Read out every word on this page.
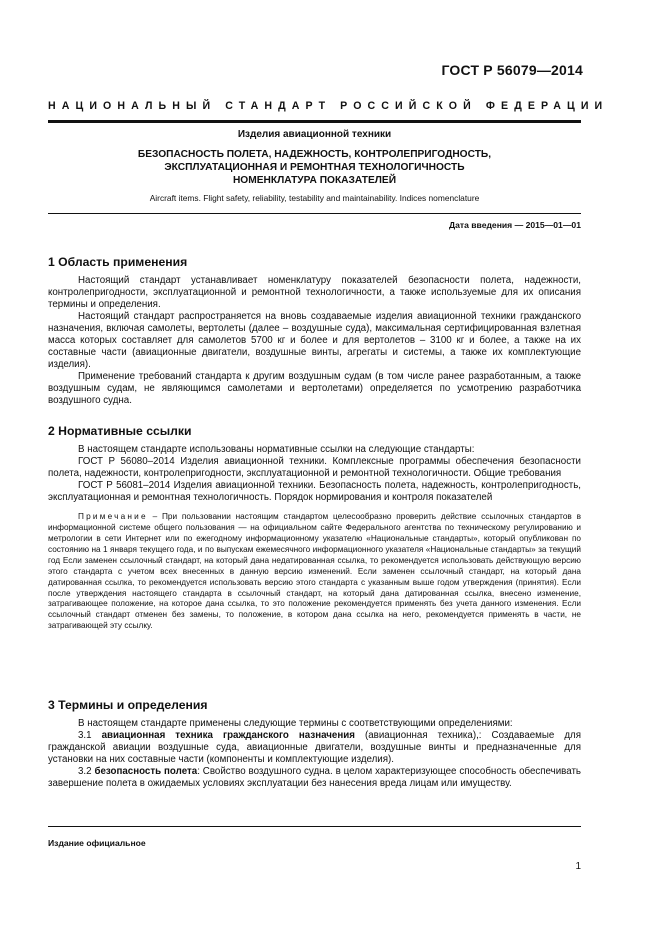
ГОСТ Р 56079—2014
НАЦИОНАЛЬНЫЙ СТАНДАРТ РОССИЙСКОЙ ФЕДЕРАЦИИ
Изделия авиационной техники
БЕЗОПАСНОСТЬ ПОЛЕТА, НАДЕЖНОСТЬ, КОНТРОЛЕПРИГОДНОСТЬ,
ЭКСПЛУАТАЦИОННАЯ И РЕМОНТНАЯ ТЕХНОЛОГИЧНОСТЬ
НОМЕНКЛАТУРА ПОКАЗАТЕЛЕЙ
Aircraft items. Flight safety, reliability, testability and maintainability. Indices nomenclature
Дата введения — 2015—01—01
1 Область применения

Настоящий стандарт устанавливает номенклатуру показателей безопасности полета, надежности, контролепригодности, эксплуатационной и ремонтной технологичности, а также используемые для их описания термины и определения.

Настоящий стандарт распространяется на вновь создаваемые изделия авиационной техники гражданского назначения, включая самолеты, вертолеты (далее – воздушные суда), максимальная сертифицированная взлетная масса которых составляет для самолетов 5700 кг и более и для вертолетов – 3100 кг и более, а также на их составные части (авиационные двигатели, воздушные винты, агрегаты и системы, а также их комплектующие изделия).

Применение требований стандарта к другим воздушным судам (в том числе ранее разработанным, а также воздушным судам, не являющимся самолетами и вертолетами) определяется по усмотрению разработчика воздушного судна.

2 Нормативные ссылки

В настоящем стандарте использованы нормативные ссылки на следующие стандарты:

ГОСТ Р 56080–2014 Изделия авиационной техники. Комплексные программы обеспечения безопасности полета, надежности, контролепригодности, эксплуатационной и ремонтной технологичности. Общие требования

ГОСТ Р 56081–2014 Изделия авиационной техники. Безопасность полета, надежность, контролепригодность, эксплуатационная и ремонтная технологичность. Порядок нормирования и контроля показателей

Примечание – При пользовании настоящим стандартом целесообразно проверить действие ссылочных стандартов в информационной системе общего пользования — на официальном сайте Федерального агентства по техническому регулированию и метрологии в сети Интернет или по ежегодному информационному указателю «Национальные стандарты», который опубликован по состоянию на 1 января текущего года, и по выпускам ежемесячного информационного указателя «Национальные стандарты» за текущий год Если заменен ссылочный стандарт, на который дана недатированная ссылка, то рекомендуется использовать действующую версию этого стандарта с учетом всех внесенных в данную версию изменений. Если заменен ссылочный стандарт, на который дана датированная ссылка, то рекомендуется использовать версию этого стандарта с указанным выше годом утверждения (принятия). Если после утверждения настоящего стандарта в ссылочный стандарт, на который дана датированная ссылка, внесено изменение, затрагивающее положение, на которое дана ссылка, то это положение рекомендуется применять без учета данного изменения. Если ссылочный стандарт отменен без замены, то положение, в котором дана ссылка на него, рекомендуется применять в части, не затрагивающей эту ссылку.

3 Термины и определения

В настоящем стандарте применены следующие термины с соответствующими определениями:

3.1 авиационная техника гражданского назначения (авиационная техника),: Создаваемые для гражданской авиации воздушные суда, авиационные двигатели, воздушные винты и предназначенные для установки на них составные части (компоненты и комплектующие изделия).

3.2 безопасность полета: Свойство воздушного судна. в целом характеризующее способность обеспечивать завершение полета в ожидаемых условиях эксплуатации без нанесения вреда лицам или имуществу.

Издание официальное
1
